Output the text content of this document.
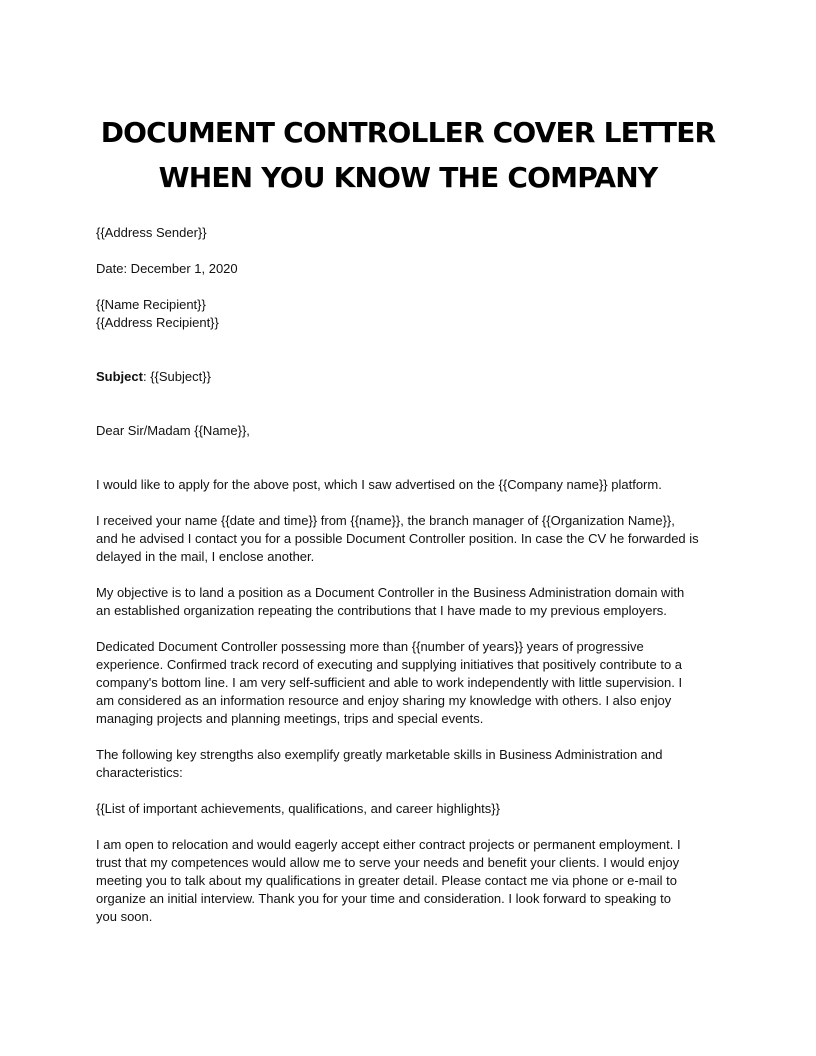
DOCUMENT CONTROLLER COVER LETTER
WHEN YOU KNOW THE COMPANY

{{Address Sender}}

Date: December 1, 2020

{{Name Recipient}}

{{Address Recipient}}

Subject: {{Subject}}

Dear Sir/Madam {{Name}},

I would like to apply for the above post, which I saw advertised on the {{Company name}} platform.

I received your name {{date and time}} from {{name}}, the branch manager of {{Organization Name}},
and he advised I contact you for a possible Document Controller position. In case the CV he forwarded is
delayed in the mail, I enclose another.

My objective is to land a position as a Document Controller in the Business Administration domain with
an established organization repeating the contributions that I have made to my previous employers.

Dedicated Document Controller possessing more than {{number of years}} years of progressive
experience. Confirmed track record of executing and supplying initiatives that positively contribute to a
company's bottom line. I am very self-sufficient and able to work independently with little supervision. I
am considered as an information resource and enjoy sharing my knowledge with others. I also enjoy
managing projects and planning meetings, trips and special events.

The following key strengths also exemplify greatly marketable skills in Business Administration and
characteristics:

{{List of important achievements, qualifications, and career highlights}}

I am open to relocation and would eagerly accept either contract projects or permanent employment. I
trust that my competences would allow me to serve your needs and benefit your clients. I would enjoy
meeting you to talk about my qualifications in greater detail. Please contact me via phone or e-mail to
organize an initial interview. Thank you for your time and consideration. I look forward to speaking to
you soon.
